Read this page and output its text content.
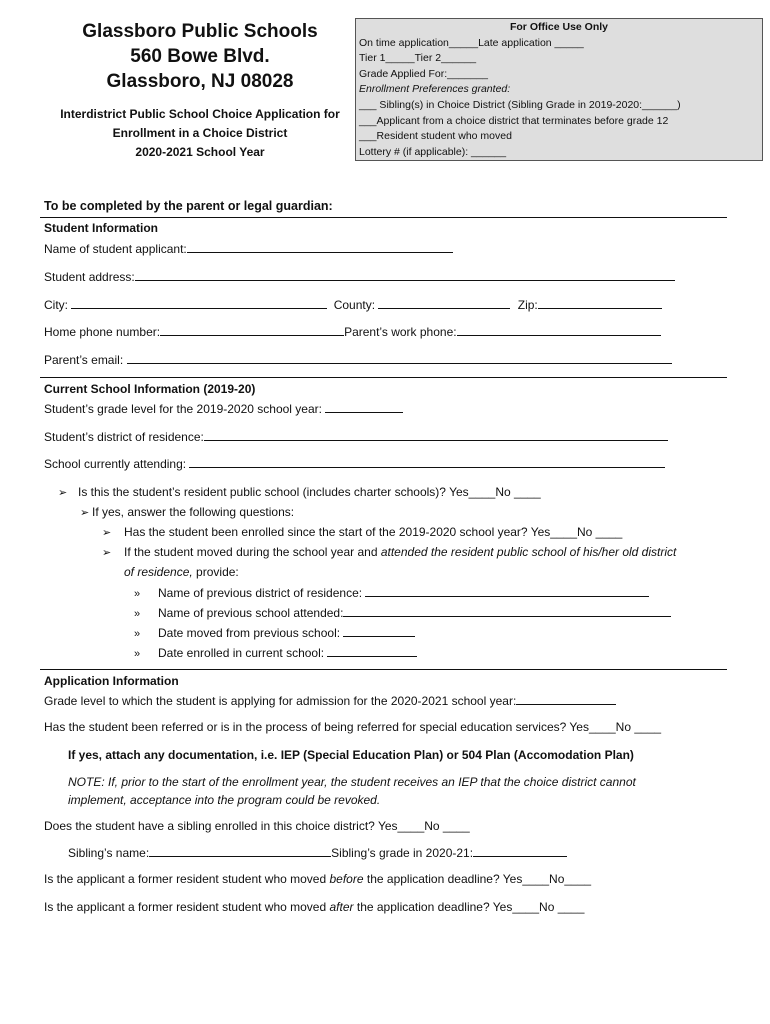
Glassboro Public Schools
560 Bowe Blvd.
Glassboro, NJ 08028
Interdistrict Public School Choice Application for
Enrollment in a Choice District
2020-2021 School Year
For Office Use Only
On time application_____Late application _____
Tier 1_____Tier 2______
Grade Applied For:_______
Enrollment Preferences granted:
___ Sibling(s) in Choice District (Sibling Grade in 2019-2020:______)
___Applicant from a choice district that terminates before grade 12
___Resident student who moved
Lottery # (if applicable): ______
To be completed by the parent or legal guardian:
Student Information
Name of student applicant:
Student address:
City:	County:	Zip:
Home phone number:	Parent’s work phone:
Parent’s email:
Current School Information (2019-20)
Student’s grade level for the 2019-2020 school year:
Student’s district of residence:
School currently attending:
➢ Is this the student’s resident public school (includes charter schools)? Yes____No ____
➢ If yes, answer the following questions:
➢ Has the student been enrolled since the start of the 2019-2020 school year? Yes____No ____
➢ If the student moved during the school year and attended the resident public school of his/her old district
of residence, provide:
» Name of previous district of residence:
» Name of previous school attended:
» Date moved from previous school:
» Date enrolled in current school:
Application Information
Grade level to which the student is applying for admission for the 2020-2021 school year:
Has the student been referred or is in the process of being referred for special education services? Yes____No ____
If yes, attach any documentation, i.e. IEP (Special Education Plan) or 504 Plan (Accomodation Plan)
NOTE: If, prior to the start of the enrollment year, the student receives an IEP that the choice district cannot
implement, acceptance into the program could be revoked.
Does the student have a sibling enrolled in this choice district? Yes____No ____
Sibling’s name:	Sibling’s grade in 2020-21:
Is the applicant a former resident student who moved before the application deadline? Yes____No____
Is the applicant a former resident student who moved after the application deadline? Yes____No ____
